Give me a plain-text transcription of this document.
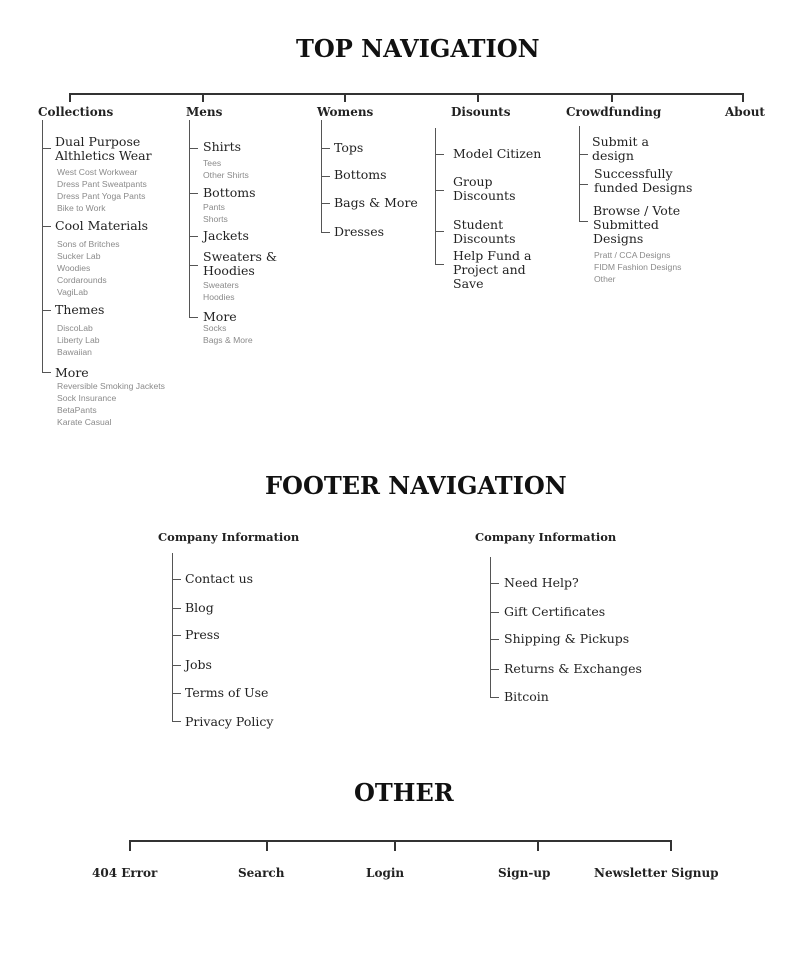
TOP NAVIGATION
Collections	Mens	Womens	Disounts	Crowdfunding	About
Dual Purpose
Althletics Wear
West Cost Workwear
Dress Pant Sweatpants
Dress Pant Yoga Pants
Bike to Work
Cool Materials
Sons of Britches
Sucker Lab
Woodies
Cordarounds
VagiLab
Themes
DiscoLab
Liberty Lab
Bawaiian
More
Reversible Smoking Jackets
Sock Insurance
BetaPants
Karate Casual
Shirts
Tees
Other Shirts
Bottoms
Pants
Shorts
Jackets
Sweaters &
Hoodies
Sweaters
Hoodies
More
Socks
Bags & More
Tops
Bottoms
Bags & More
Dresses
Model Citizen
Group
Discounts
Student
Discounts
Help Fund a
Project and
Save
Submit a
design
Successfully
funded Designs
Browse / Vote
Submitted
Designs
Pratt / CCA Designs
FIDM Fashion Designs
Other
FOOTER NAVIGATION
Company Information
Contact us
Blog
Press
Jobs
Terms of Use
Privacy Policy
Company Information
Need Help?
Gift Certificates
Shipping & Pickups
Returns & Exchanges
Bitcoin
OTHER
404 Error	Search	Login	Sign-up	Newsletter Signup
